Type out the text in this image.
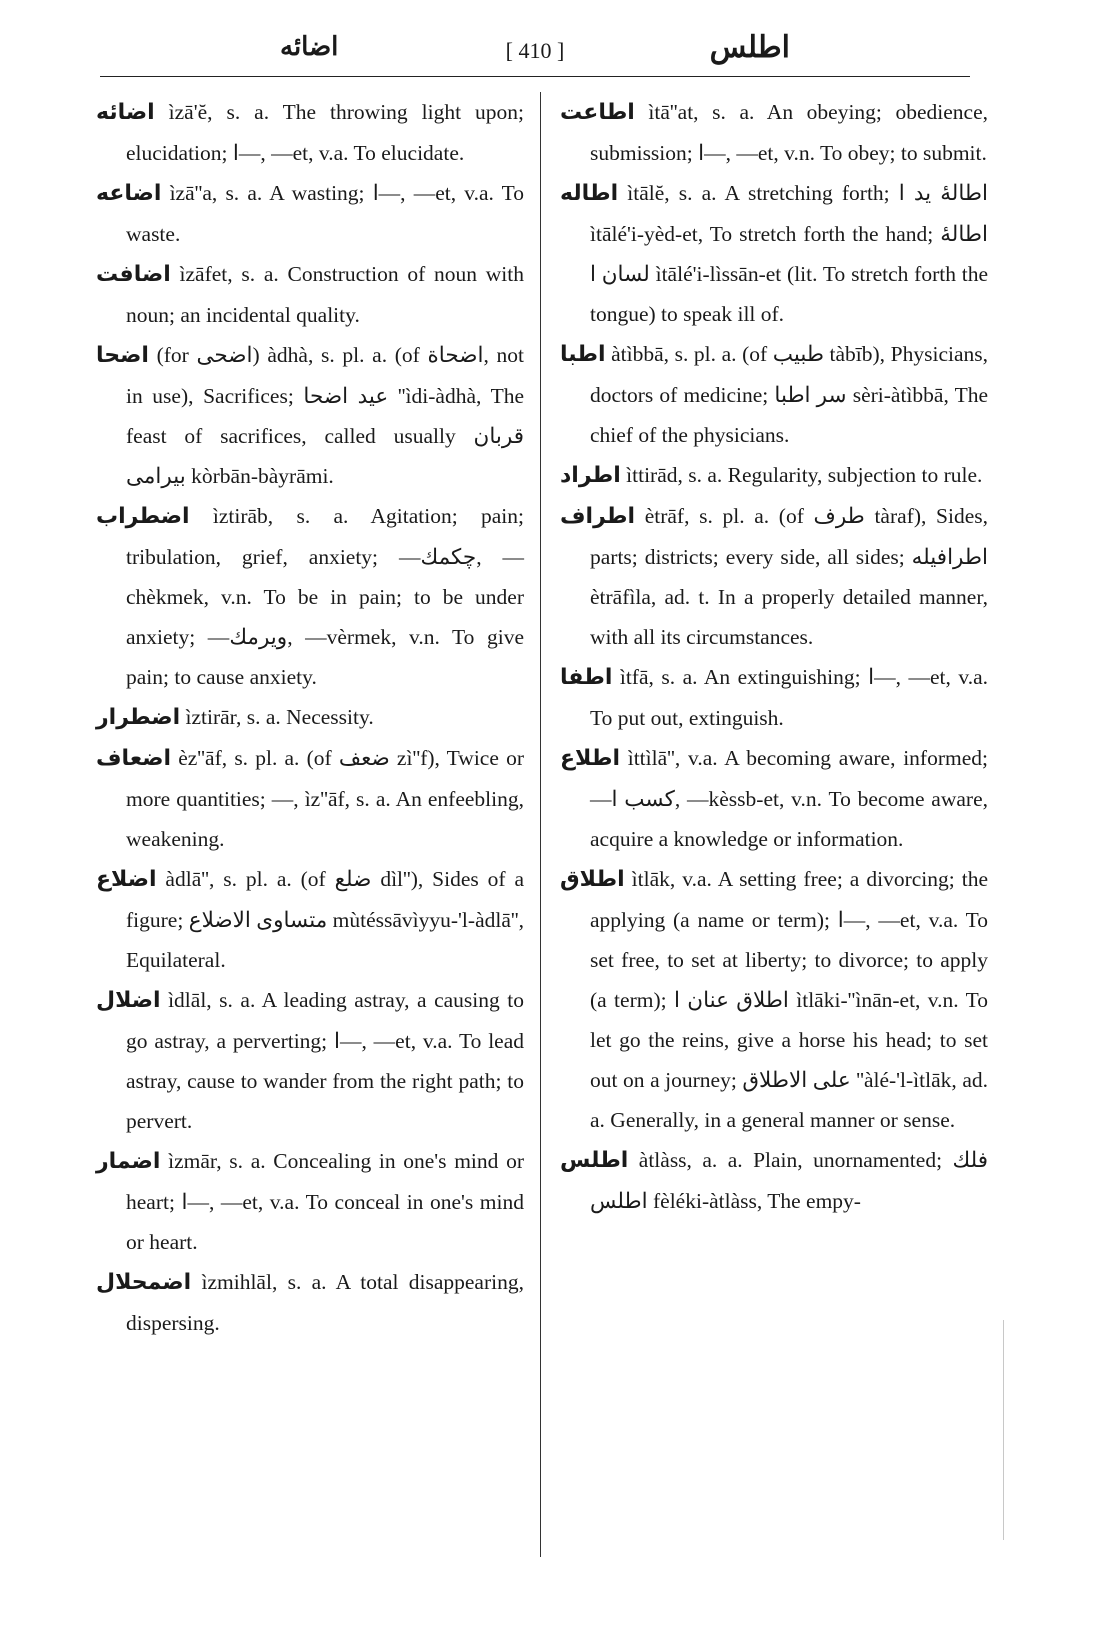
اضائه	[ 410 ]	اطلس

اضائه ìzā'ĕ, s. a. The throwing light upon; elucidation; ا—, —et, v.a. To elucidate.

اضاعه ìzā''a, s. a. A wasting; ا—, —et, v.a. To waste.

اضافت ìzāfet, s. a. Construction of noun with noun; an incidental quality.

اضحا (for اضحى) àdhà, s. pl. a. (of اضحاة, not in use), Sacrifices; عيد اضحا ''ìdi-àdhà, The feast of sacrifices, called usually قربان بيرامى kòrbān-bàyrāmi.

اضطراب ìztirāb, s. a. Agitation; pain; tribulation, grief, anxiety; —چكمك, —chèkmek, v.n. To be in pain; to be under anxiety; —ويرمك, —vèrmek, v.n. To give pain; to cause anxiety.

اضطرار ìztirār, s. a. Necessity.

اضعاف èz''āf, s. pl. a. (of ضعف zì''f), Twice or more quantities; —, ìz''āf, s. a. An enfeebling, weakening.

اضلاع àdlā'', s. pl. a. (of ضلع dìl''), Sides of a figure; متساوى الاضلاع mùtéssāvìyyu-'l-àdlā'', Equilateral.

اضلال ìdlāl, s. a. A leading astray, a causing to go astray, a perverting; ا—, —et, v.a. To lead astray, cause to wander from the right path; to pervert.

اضمار ìzmār, s. a. Concealing in one's mind or heart; ا—, —et, v.a. To conceal in one's mind or heart.

اضمحلال ìzmihlāl, s. a. A total disappearing, dispersing.

اطاعت ìtā''at, s. a. An obeying; obedience, submission; ا—, —et, v.n. To obey; to submit.

اطاله ìtālĕ, s. a. A stretching forth; اطالهٔ يد ا ìtālé'i-yèd-et, To stretch forth the hand; اطالهٔ لسان ا ìtālé'i-lìssān-et (lit. To stretch forth the tongue) to speak ill of.

اطبا àtìbbā, s. pl. a. (of طبيب tàbīb), Physicians, doctors of medicine; سر اطبا sèri-àtìbbā, The chief of the physicians.

اطراد ìttirād, s. a. Regularity, subjection to rule.

اطراف ètrāf, s. pl. a. (of طرف tàraf), Sides, parts; districts; every side, all sides; اطرافيله ètrāfìla, ad. t. In a properly detailed manner, with all its circumstances.

اطفا ìtfā, s. a. An extinguishing; ا—, —et, v.a. To put out, extinguish.

اطلاع ìttìlā'', v.a. A becoming aware, informed; —كسب ا, —kèssb-et, v.n. To become aware, acquire a knowledge or information.

اطلاق ìtlāk, v.a. A setting free; a divorcing; the applying (a name or term); ا—, —et, v.a. To set free, to set at liberty; to divorce; to apply (a term); اطلاق عنان ا ìtlāki-''ìnān-et, v.n. To let go the reins, give a horse his head; to set out on a journey; على الاطلاق ''àlé-'l-ìtlāk, ad. a. Generally, in a general manner or sense.

اطلس àtlàss, a. a. Plain, unornamented; فلك اطلس fèléki-àtlàss, The empy-
